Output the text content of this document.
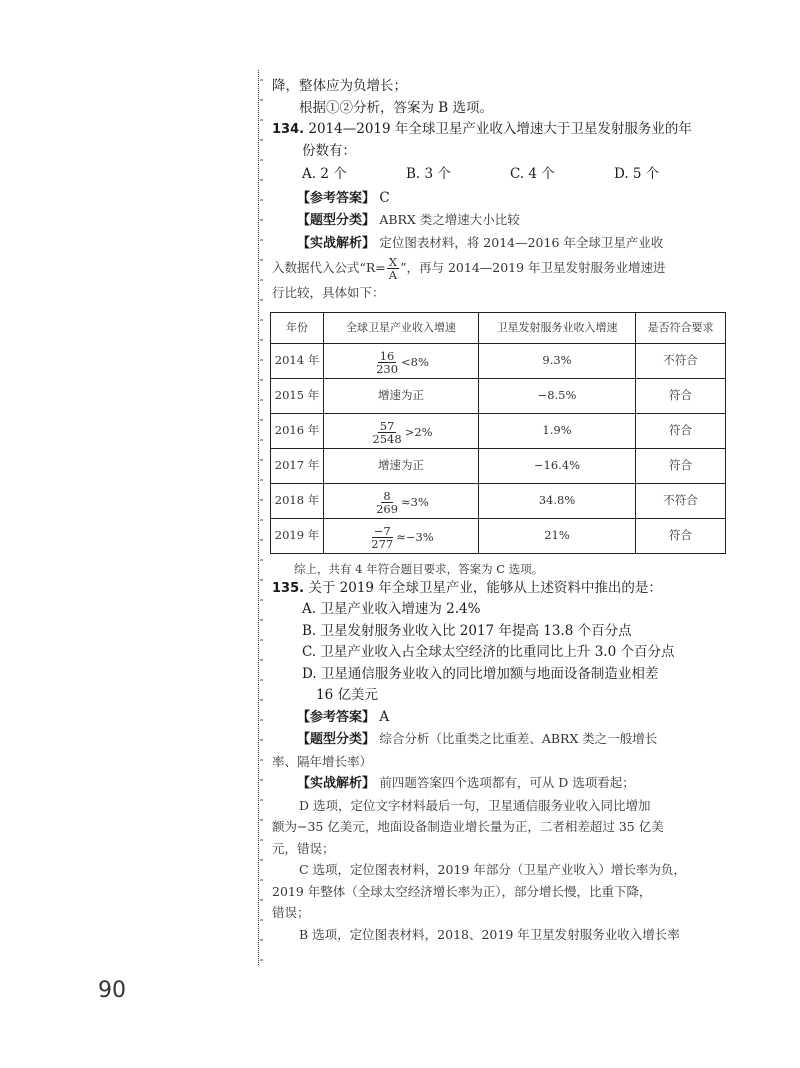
降，整体应为负增长；

根据①②分析，答案为 B 选项。

134. 2014—2019 年全球卫星产业收入增速大于卫星发射服务业的年

份数有：

A. 2 个	B. 3 个	C. 4 个	D. 5 个

【参考答案】 C

【题型分类】 ABRX 类之增速大小比较

【实战解析】 定位图表材料，将 2014—2016 年全球卫星产业收

入数据代入公式“$R= \frac{X}{A}$ ”，再与 2014—2019 年卫星发射服务业增速进

行比较，具体如下：

年份	全球卫星产业收入增速	卫星发射服务业收入增速	是否符合要求
2014 年	$\frac{16}{230} <8\%$	9.3%	不符合
2015 年	增速为正	−8.5%	符合
2016 年	$\frac{57}{2548} >2\%$	1.9%	符合
2017 年	增速为正	−16.4%	符合
2018 年	$\frac{8}{269} \approx 3\%$	34.8%	不符合
2019 年	$\frac{-7}{277} \approx-3\%$	21%	符合

综上，共有 4 年符合题目要求，答案为 C 选项。

135. 关于 2019 年全球卫星产业，能够从上述资料中推出的是：

A. 卫星产业收入增速为 2.4%

B. 卫星发射服务业收入比 2017 年提高 13.8 个百分点

C. 卫星产业收入占全球太空经济的比重同比上升 3.0 个百分点

D. 卫星通信服务业收入的同比增加额与地面设备制造业相差

16 亿美元

【参考答案】 A

【题型分类】 综合分析（比重类之比重差、ABRX 类之一般增长

率、隔年增长率）

【实战解析】 前四题答案四个选项都有，可从 D 选项看起；

D 选项，定位文字材料最后一句，卫星通信服务业收入同比增加

额为−35 亿美元，地面设备制造业增长量为正，二者相差超过 35 亿美

元，错误；

C 选项，定位图表材料，2019 年部分（卫星产业收入）增长率为负，

2019 年整体（全球太空经济增长率为正），部分增长慢，比重下降，

错误；

B 选项，定位图表材料，2018、2019 年卫星发射服务业收入增长率

90
